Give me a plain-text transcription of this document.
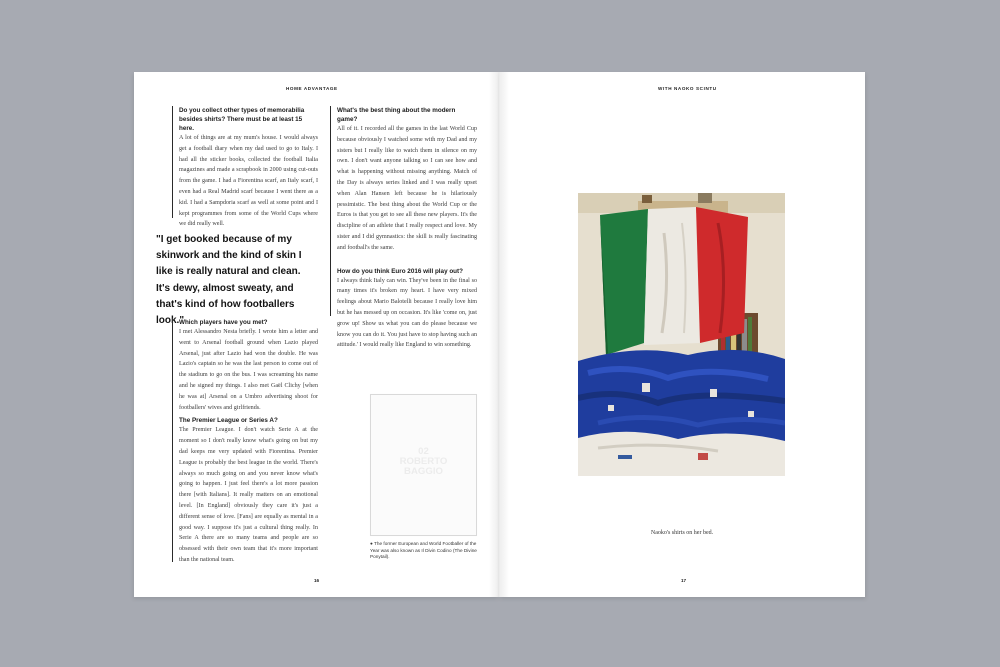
HOME ADVANTAGE

Do you collect other types of memorabilia besides shirts? There must be at least 15 here.

A lot of things are at my mum's house. I would always get a football diary when my dad used to go to Italy. I had all the sticker books, collected the football Italia magazines and made a scrapbook in 2000 using cut-outs from the game. I had a Fiorentina scarf, an Italy scarf, I even had a Real Madrid scarf because I went there as a kid. I had a Sampdoria scarf as well at some point and I kept programmes from some of the World Cups where we did really well.

"I get booked because of my skinwork and the kind of skin I like is really natural and clean. It's dewy, almost sweaty, and that's kind of how footballers look."

Which players have you met?

I met Alessandro Nesta briefly. I wrote him a letter and went to Arsenal football ground when Lazio played Arsenal, just after Lazio had won the double. He was Lazio's captain so he was the last person to come out of the stadium to go on the bus. I was screaming his name and he signed my things. I also met Gaël Clichy [when he was at] Arsenal on a Umbro advertising shoot for footballers' wives and girlfriends.

The Premier League or Series A?

The Premier League. I don't watch Serie A at the moment so I don't really know what's going on but my dad keeps me very updated with Fiorentina. Premier League is probably the best league in the world. There's always so much going on and you never know what's going to happen. I just feel there's a lot more passion there [with Italians]. It really matters on an emotional level. [In England] obviously they care it's just a different sense of love. [Fans] are equally as mental in a good way. I suppose it's just a cultural thing really. In Serie A there are so many teams and people are so obsessed with their own team that it's more important than the national team.

What's the best thing about the modern game?

All of it. I recorded all the games in the last World Cup because obviously I watched some with my Dad and my sisters but I really like to watch them in silence on my own. I don't want anyone talking so I can see how and what is happening without missing anything. Match of the Day is always series linked and I was really upset when Alan Hansen left because he is hilariously pessimistic. The best thing about the World Cup or the Euros is that you get to see all these new players. It's the discipline of an athlete that I really respect and love. My sister and I did gymnastics: the skill is really fascinating and football's the same.

How do you think Euro 2016 will play out?

I always think Italy can win. They've been in the final so many times it's broken my heart. I have very mixed feelings about Mario Balotelli because I really love him but he has messed up on occasion. It's like 'come on, just grow up! Show us what you can do please because we know you can do it. You just have to stop having such an attitude.' I would really like England to win something.

02
ROBERTO
BAGGIO

● The former European and World Footballer of the Year was also known as Il Divin Codino (The Divine Ponytail).

16
WITH NAOKO SCINTU
Naoko's shirts on her bed.
17
